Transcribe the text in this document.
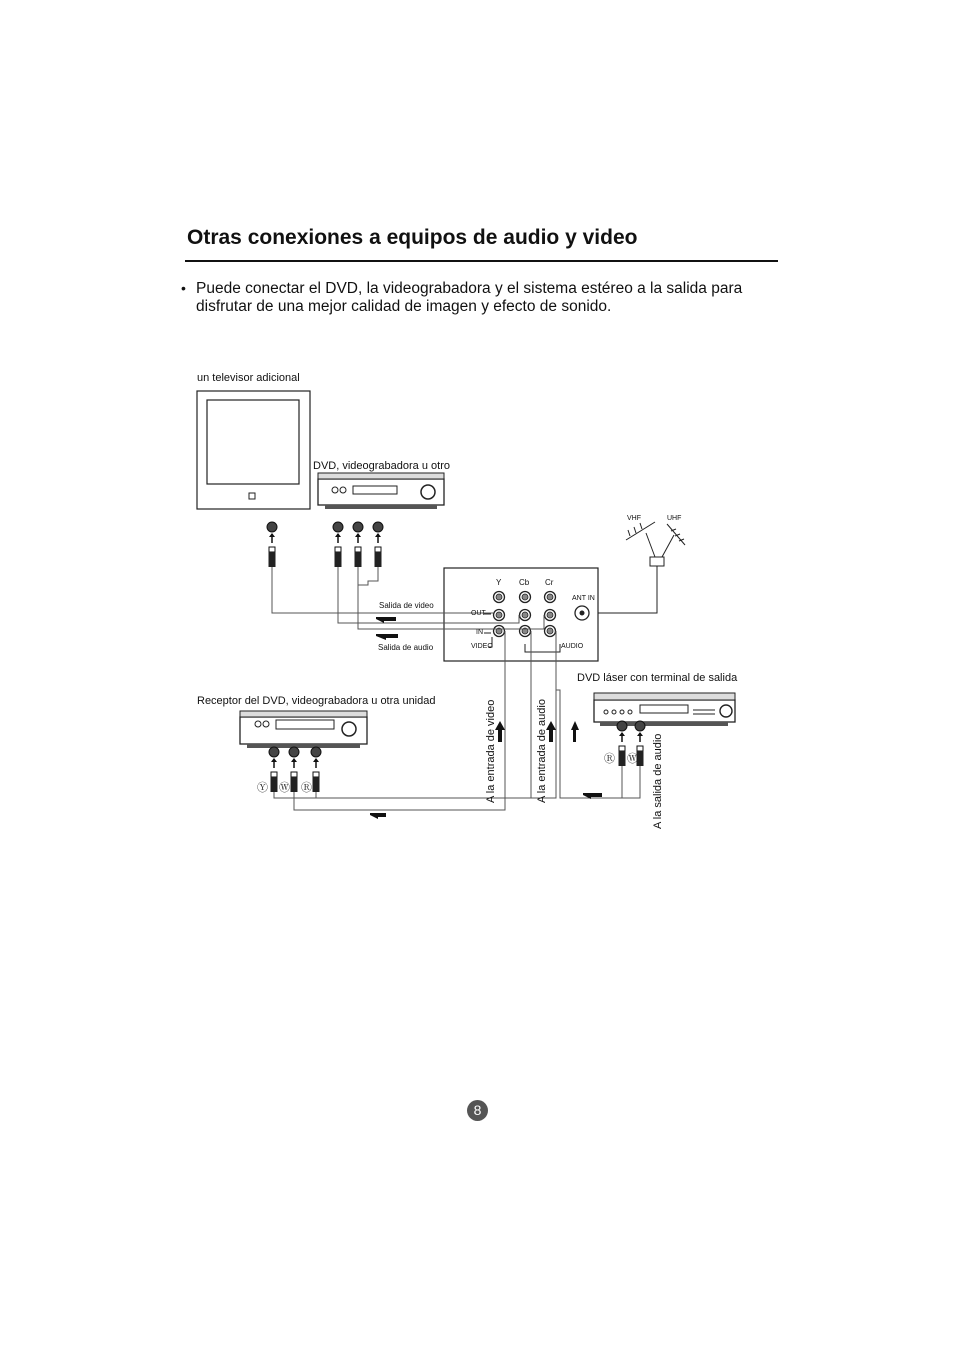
Otras conexiones a equipos de audio y video
• Puede conectar el DVD, la videograbadora y el sistema estéreo a la salida para disfrutar de una mejor calidad de imagen y efecto de sonido.
un televisor adicional
DVD, videograbadora u otro
Receptor del DVD, videograbadora u otra unidad
DVD láser con terminal de salida
VHF	UHF
Y Cb Cr
ANT IN
OUT
IN
VIDEO	AUDIO
Salida de video
Salida de audio
A la entrada de video	A la entrada de audio	A la salida de audio
Ⓨ Ⓦ Ⓡ
Ⓡ Ⓦ
8
